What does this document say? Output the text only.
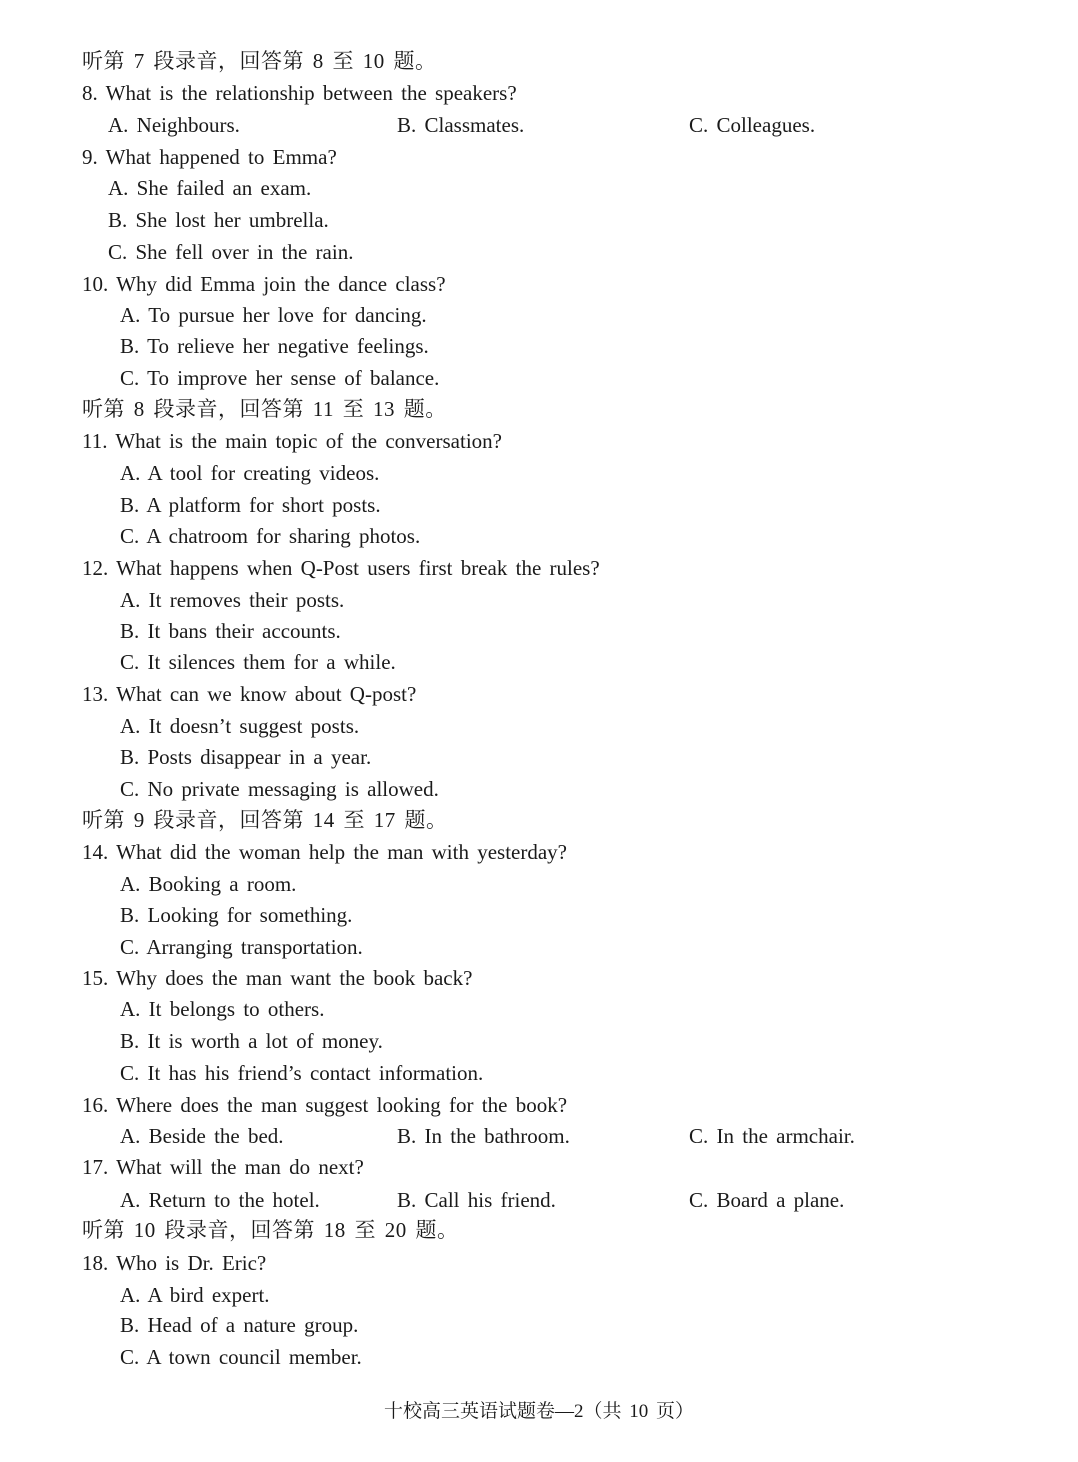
听第 7 段录音，回答第 8 至 10 题。
8. What is the relationship between the speakers?
A. Neighbours.	B. Classmates.	C. Colleagues.
9. What happened to Emma?
A. She failed an exam.
B. She lost her umbrella.
C. She fell over in the rain.
10. Why did Emma join the dance class?
A. To pursue her love for dancing.
B. To relieve her negative feelings.
C. To improve her sense of balance.
听第 8 段录音，回答第 11 至 13 题。
11. What is the main topic of the conversation?
A. A tool for creating videos.
B. A platform for short posts.
C. A chatroom for sharing photos.
12. What happens when Q-Post users first break the rules?
A. It removes their posts.
B. It bans their accounts.
C. It silences them for a while.
13. What can we know about Q-post?
A. It doesn’t suggest posts.
B. Posts disappear in a year.
C. No private messaging is allowed.
听第 9 段录音，回答第 14 至 17 题。
14. What did the woman help the man with yesterday?
A. Booking a room.
B. Looking for something.
C. Arranging transportation.
15. Why does the man want the book back?
A. It belongs to others.
B. It is worth a lot of money.
C. It has his friend’s contact information.
16. Where does the man suggest looking for the book?
A. Beside the bed.	B. In the bathroom.	C. In the armchair.
17. What will the man do next?
A. Return to the hotel.	B. Call his friend.	C. Board a plane.
听第 10 段录音，回答第 18 至 20 题。
18. Who is Dr. Eric?
A. A bird expert.
B. Head of a nature group.
C. A town council member.
十校高三英语试题卷—2（共 10 页）
